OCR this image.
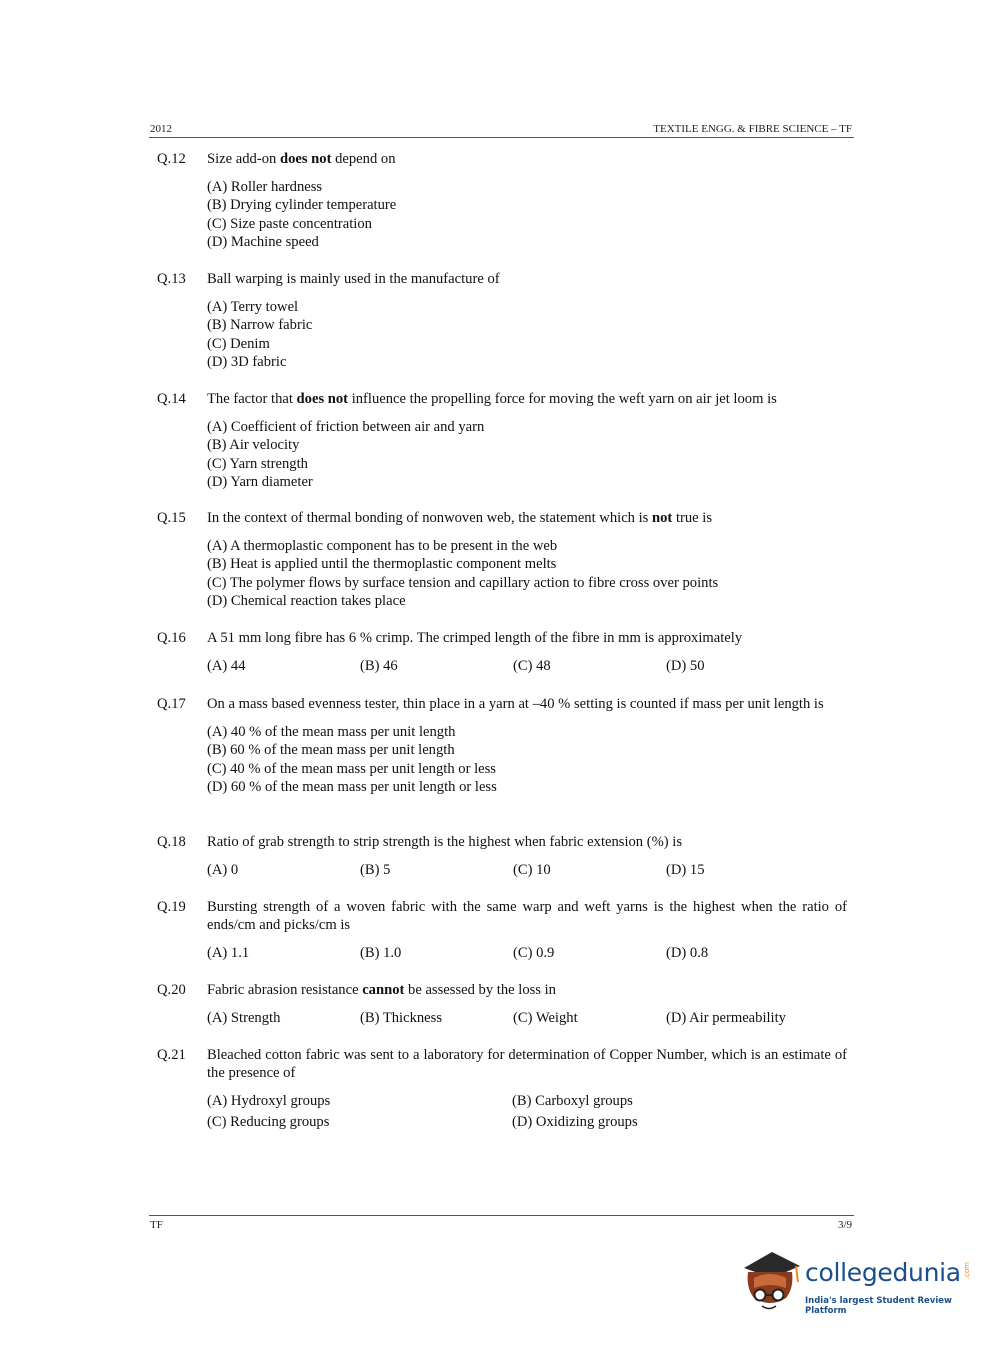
2012	TEXTILE ENGG. & FIBRE SCIENCE – TF
Q.12 Size add-on does not depend on
(A) Roller hardness
(B) Drying cylinder temperature
(C) Size paste concentration
(D) Machine speed
Q.13 Ball warping is mainly used in the manufacture of
(A) Terry towel
(B) Narrow fabric
(C) Denim
(D) 3D fabric
Q.14 The factor that does not influence the propelling force for moving the weft yarn on air jet loom is
(A) Coefficient of friction between air and yarn
(B) Air velocity
(C) Yarn strength
(D) Yarn diameter
Q.15 In the context of thermal bonding of nonwoven web, the statement which is not true is
(A) A thermoplastic component has to be present in the web
(B) Heat is applied until the thermoplastic component melts
(C) The polymer flows by surface tension and capillary action to fibre cross over points
(D) Chemical reaction takes place
Q.16 A 51 mm long fibre has 6 % crimp. The crimped length of the fibre in mm is approximately
(A) 44	(B) 46	(C) 48	(D) 50
Q.17 On a mass based evenness tester, thin place in a yarn at –40 % setting is counted if mass per unit length is
(A) 40 % of the mean mass per unit length
(B) 60 % of the mean mass per unit length
(C) 40 % of the mean mass per unit length or less
(D) 60 % of the mean mass per unit length or less
Q.18 Ratio of grab strength to strip strength is the highest when fabric extension (%) is
(A) 0	(B) 5	(C) 10	(D) 15
Q.19 Bursting strength of a woven fabric with the same warp and weft yarns is the highest when the ratio of ends/cm and picks/cm is
(A) 1.1	(B) 1.0	(C) 0.9	(D) 0.8
Q.20 Fabric abrasion resistance cannot be assessed by the loss in
(A) Strength	(B) Thickness	(C) Weight	(D) Air permeability
Q.21 Bleached cotton fabric was sent to a laboratory for determination of Copper Number, which is an estimate of the presence of
(A) Hydroxyl groups	(B) Carboxyl groups
(C) Reducing groups	(D) Oxidizing groups
TF	3/9
collegedunia .com
India's largest Student Review Platform
